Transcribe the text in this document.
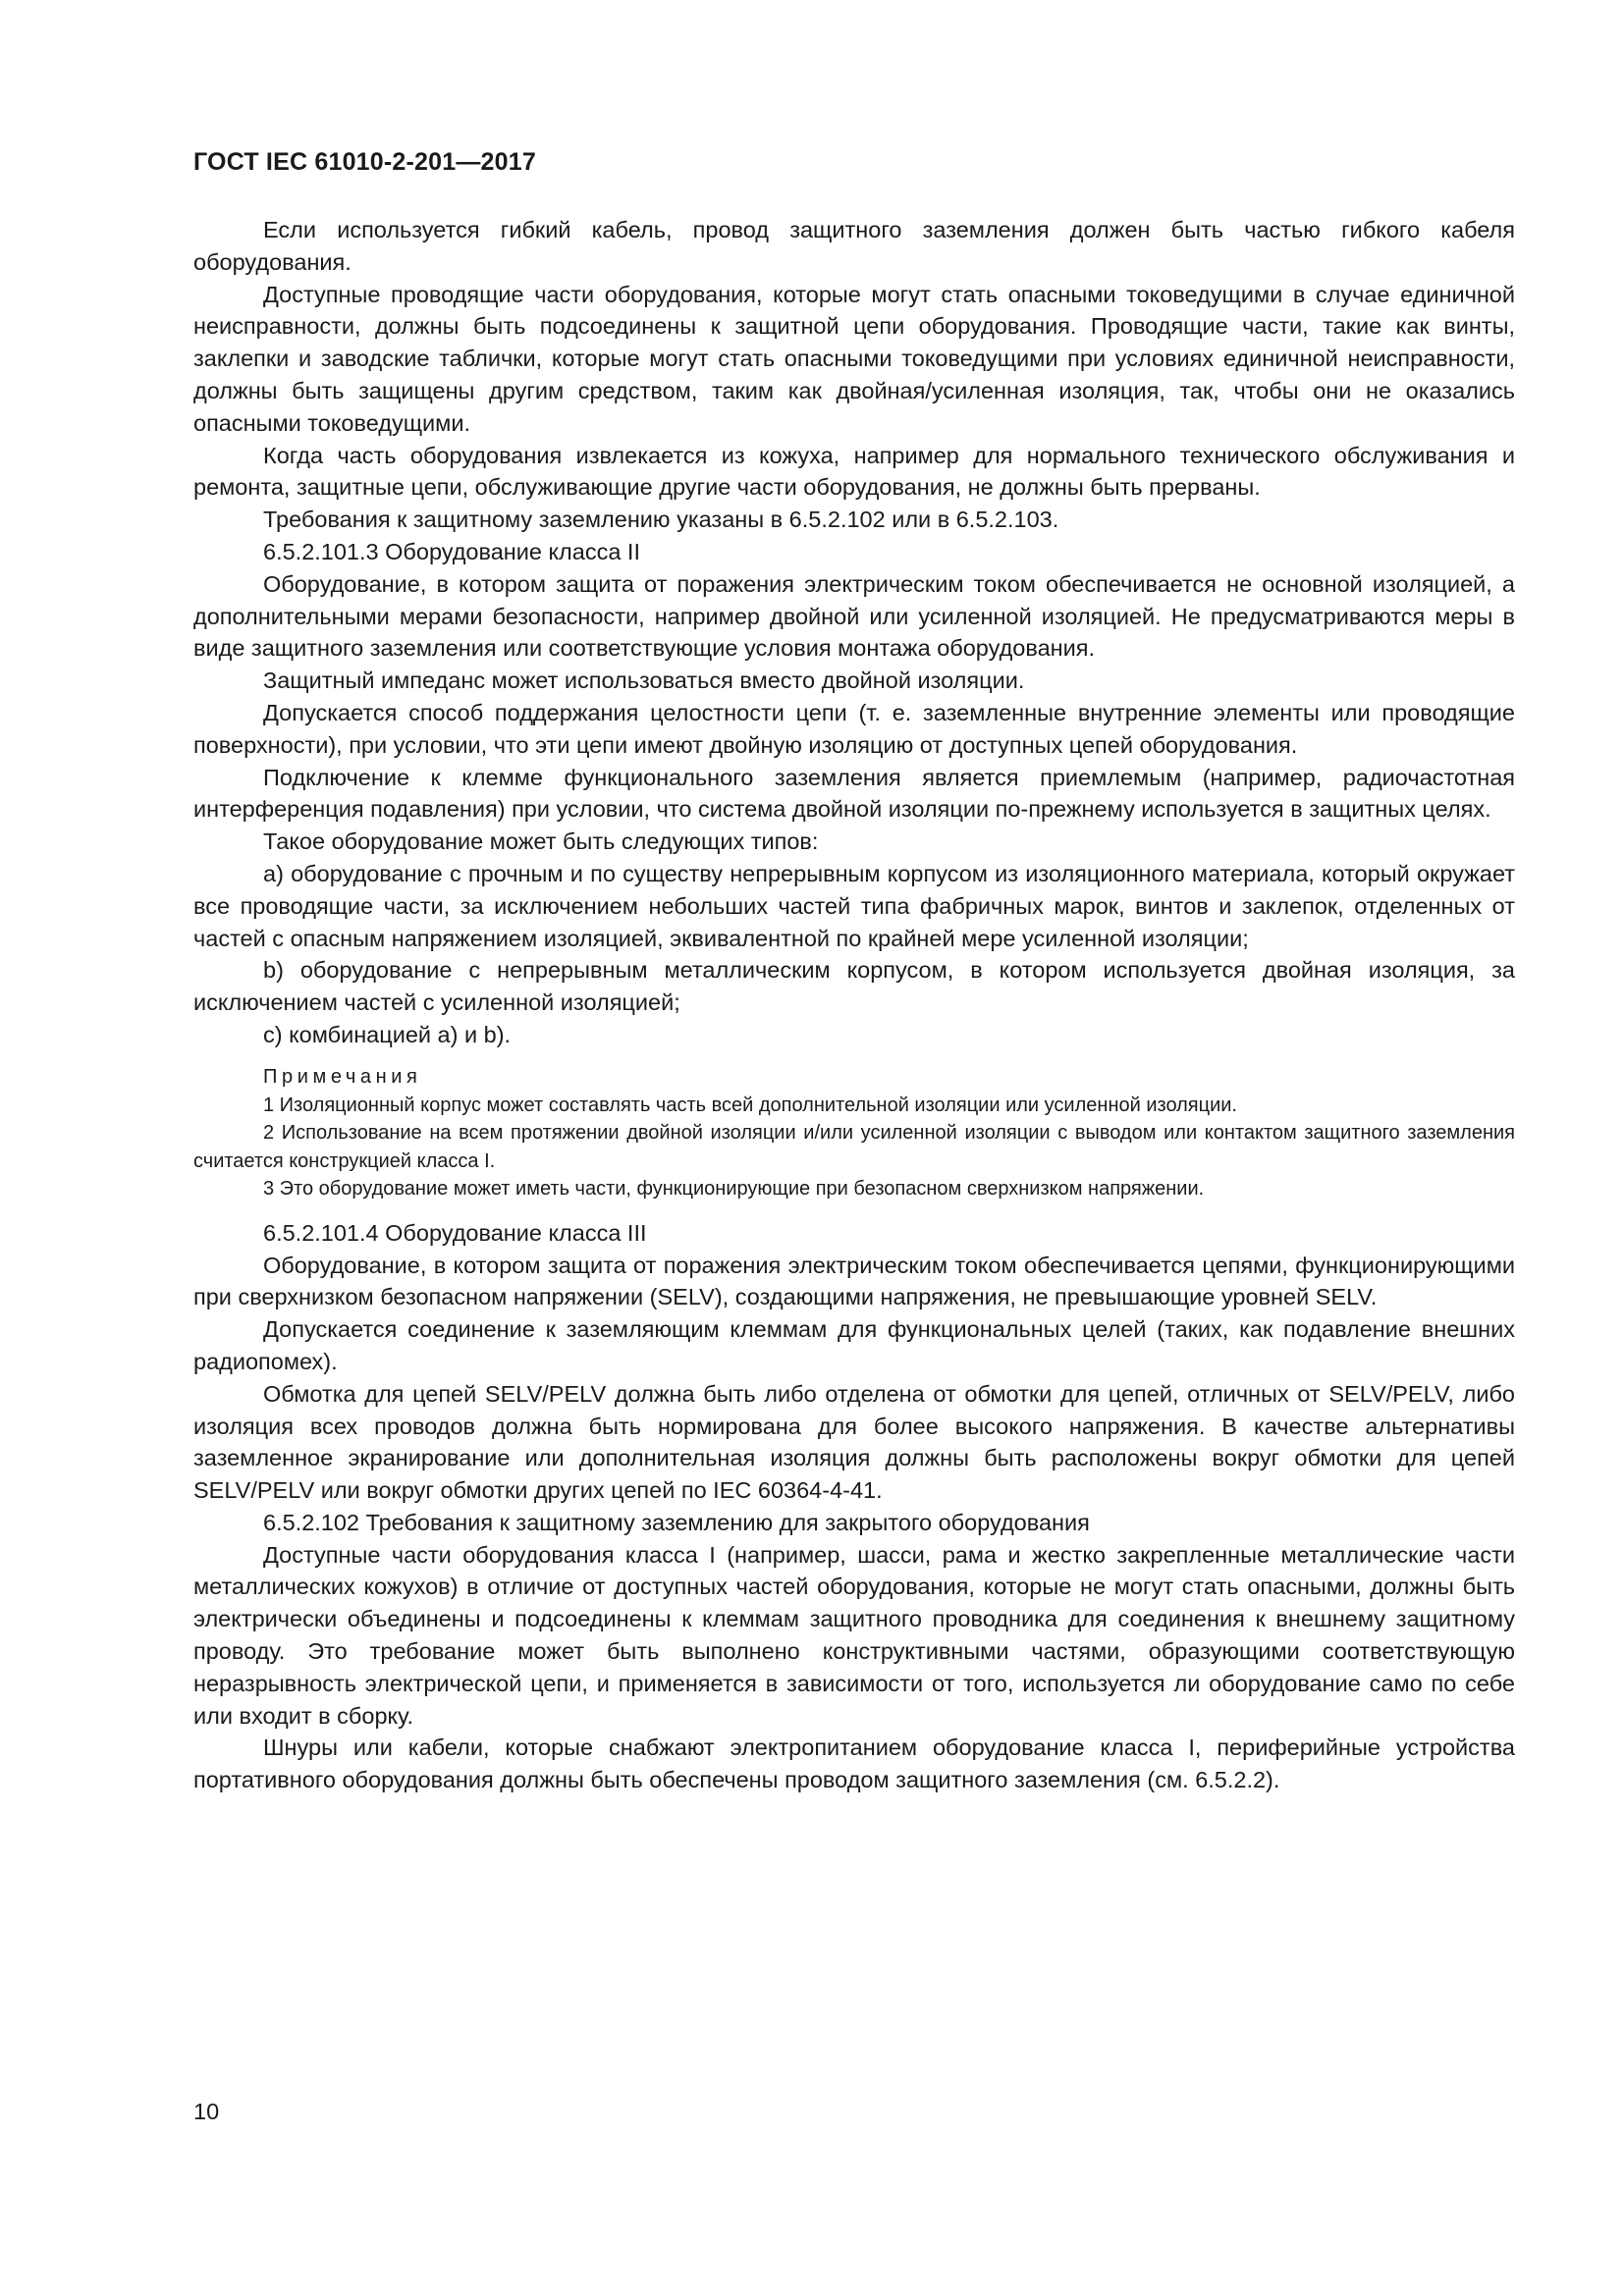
ГОСТ IEC 61010-2-201—2017

Если используется гибкий кабель, провод защитного заземления должен быть частью гибкого кабеля оборудования.

Доступные проводящие части оборудования, которые могут стать опасными токоведущими в случае единичной неисправности, должны быть подсоединены к защитной цепи оборудования. Проводящие части, такие как винты, заклепки и заводские таблички, которые могут стать опасными токоведущими при условиях единичной неисправности, должны быть защищены другим средством, таким как двойная/усиленная изоляция, так, чтобы они не оказались опасными токоведущими.

Когда часть оборудования извлекается из кожуха, например для нормального технического обслуживания и ремонта, защитные цепи, обслуживающие другие части оборудования, не должны быть прерваны.

Требования к защитному заземлению указаны в 6.5.2.102 или в 6.5.2.103.

6.5.2.101.3 Оборудование класса II

Оборудование, в котором защита от поражения электрическим током обеспечивается не основной изоляцией, а дополнительными мерами безопасности, например двойной или усиленной изоляцией. Не предусматриваются меры в виде защитного заземления или соответствующие условия монтажа оборудования.

Защитный импеданс может использоваться вместо двойной изоляции.

Допускается способ поддержания целостности цепи (т. е. заземленные внутренние элементы или проводящие поверхности), при условии, что эти цепи имеют двойную изоляцию от доступных цепей оборудования.

Подключение к клемме функционального заземления является приемлемым (например, радиочастотная интерференция подавления) при условии, что система двойной изоляции по-прежнему используется в защитных целях.

Такое оборудование может быть следующих типов:

а) оборудование с прочным и по существу непрерывным корпусом из изоляционного материала, который окружает все проводящие части, за исключением небольших частей типа фабричных марок, винтов и заклепок, отделенных от частей с опасным напряжением изоляцией, эквивалентной по крайней мере усиленной изоляции;

b) оборудование с непрерывным металлическим корпусом, в котором используется двойная изоляция, за исключением частей с усиленной изоляцией;

c) комбинацией a) и b).

Примечания

1 Изоляционный корпус может составлять часть всей дополнительной изоляции или усиленной изоляции.

2 Использование на всем протяжении двойной изоляции и/или усиленной изоляции с выводом или контактом защитного заземления считается конструкцией класса I.

3 Это оборудование может иметь части, функционирующие при безопасном сверхнизком напряжении.

6.5.2.101.4 Оборудование класса III

Оборудование, в котором защита от поражения электрическим током обеспечивается цепями, функционирующими при сверхнизком безопасном напряжении (SELV), создающими напряжения, не превышающие уровней SELV.

Допускается соединение к заземляющим клеммам для функциональных целей (таких, как подавление внешних радиопомех).

Обмотка для цепей SELV/PELV должна быть либо отделена от обмотки для цепей, отличных от SELV/PELV, либо изоляция всех проводов должна быть нормирована для более высокого напряжения. В качестве альтернативы заземленное экранирование или дополнительная изоляция должны быть расположены вокруг обмотки для цепей SELV/PELV или вокруг обмотки других цепей по IEC 60364-4-41.

6.5.2.102 Требования к защитному заземлению для закрытого оборудования

Доступные части оборудования класса I (например, шасси, рама и жестко закрепленные металлические части металлических кожухов) в отличие от доступных частей оборудования, которые не могут стать опасными, должны быть электрически объединены и подсоединены к клеммам защитного проводника для соединения к внешнему защитному проводу. Это требование может быть выполнено конструктивными частями, образующими соответствующую неразрывность электрической цепи, и применяется в зависимости от того, используется ли оборудование само по себе или входит в сборку.

Шнуры или кабели, которые снабжают электропитанием оборудование класса I, периферийные устройства портативного оборудования должны быть обеспечены проводом защитного заземления (см. 6.5.2.2).

10
